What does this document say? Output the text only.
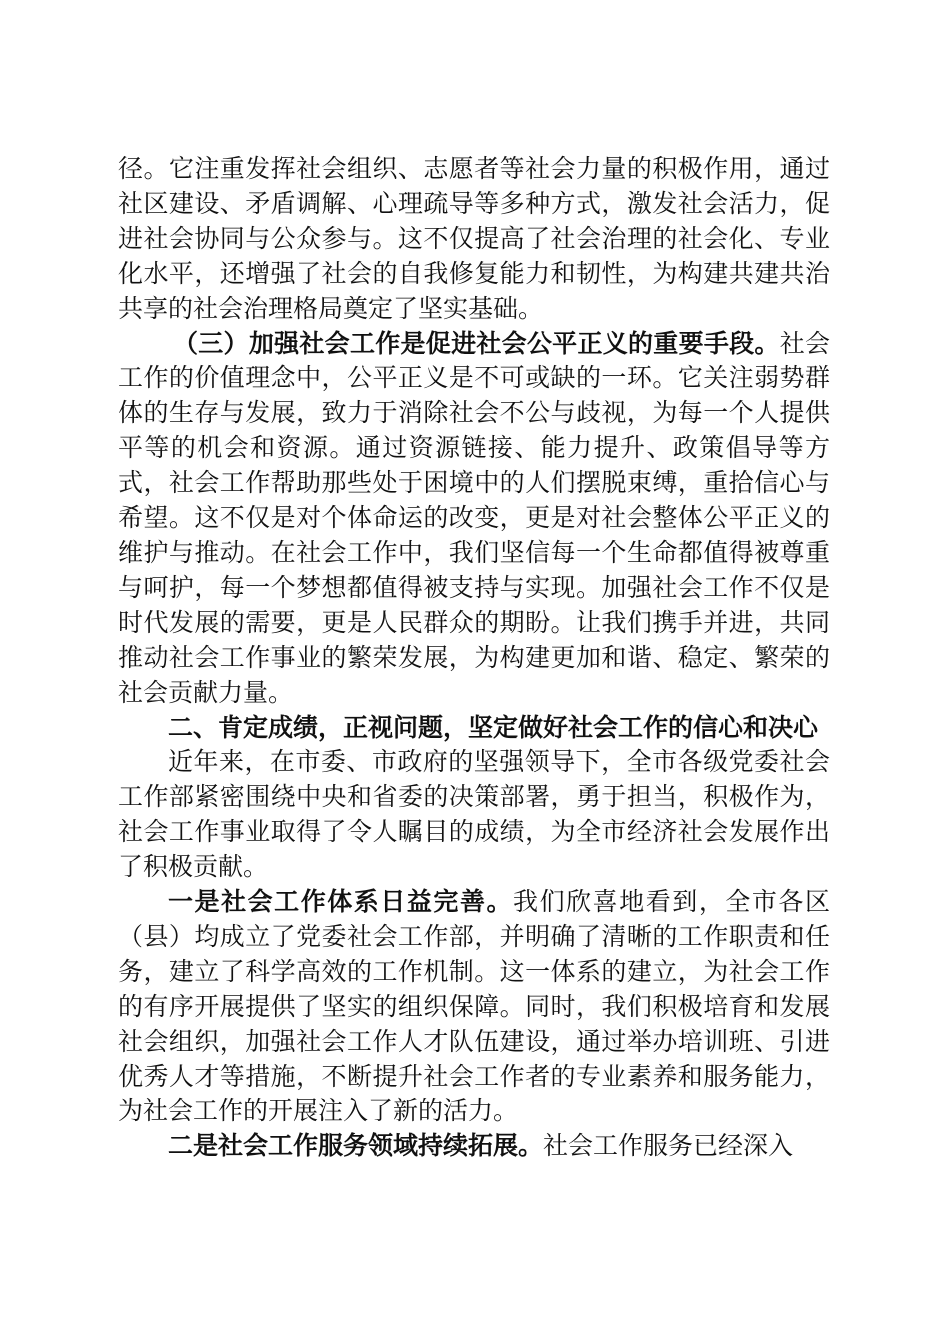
径。它注重发挥社会组织、志愿者等社会力量的积极作用，通过社区建设、矛盾调解、心理疏导等多种方式，激发社会活力，促进社会协同与公众参与。这不仅提高了社会治理的社会化、专业化水平，还增强了社会的自我修复能力和韧性，为构建共建共治共享的社会治理格局奠定了坚实基础。

（三）加强社会工作是促进社会公平正义的重要手段。社会工作的价值理念中，公平正义是不可或缺的一环。它关注弱势群体的生存与发展，致力于消除社会不公与歧视，为每一个人提供平等的机会和资源。通过资源链接、能力提升、政策倡导等方式，社会工作帮助那些处于困境中的人们摆脱束缚，重拾信心与希望。这不仅是对个体命运的改变，更是对社会整体公平正义的维护与推动。在社会工作中，我们坚信每一个生命都值得被尊重与呵护，每一个梦想都值得被支持与实现。加强社会工作不仅是时代发展的需要，更是人民群众的期盼。让我们携手并进，共同推动社会工作事业的繁荣发展，为构建更加和谐、稳定、繁荣的社会贡献力量。

二、肯定成绩，正视问题，坚定做好社会工作的信心和决心

近年来，在市委、市政府的坚强领导下，全市各级党委社会工作部紧密围绕中央和省委的决策部署，勇于担当，积极作为，社会工作事业取得了令人瞩目的成绩，为全市经济社会发展作出了积极贡献。

一是社会工作体系日益完善。我们欣喜地看到，全市各区（县）均成立了党委社会工作部，并明确了清晰的工作职责和任务，建立了科学高效的工作机制。这一体系的建立，为社会工作的有序开展提供了坚实的组织保障。同时，我们积极培育和发展社会组织，加强社会工作人才队伍建设，通过举办培训班、引进优秀人才等措施，不断提升社会工作者的专业素养和服务能力，为社会工作的开展注入了新的活力。

二是社会工作服务领域持续拓展。社会工作服务已经深入
